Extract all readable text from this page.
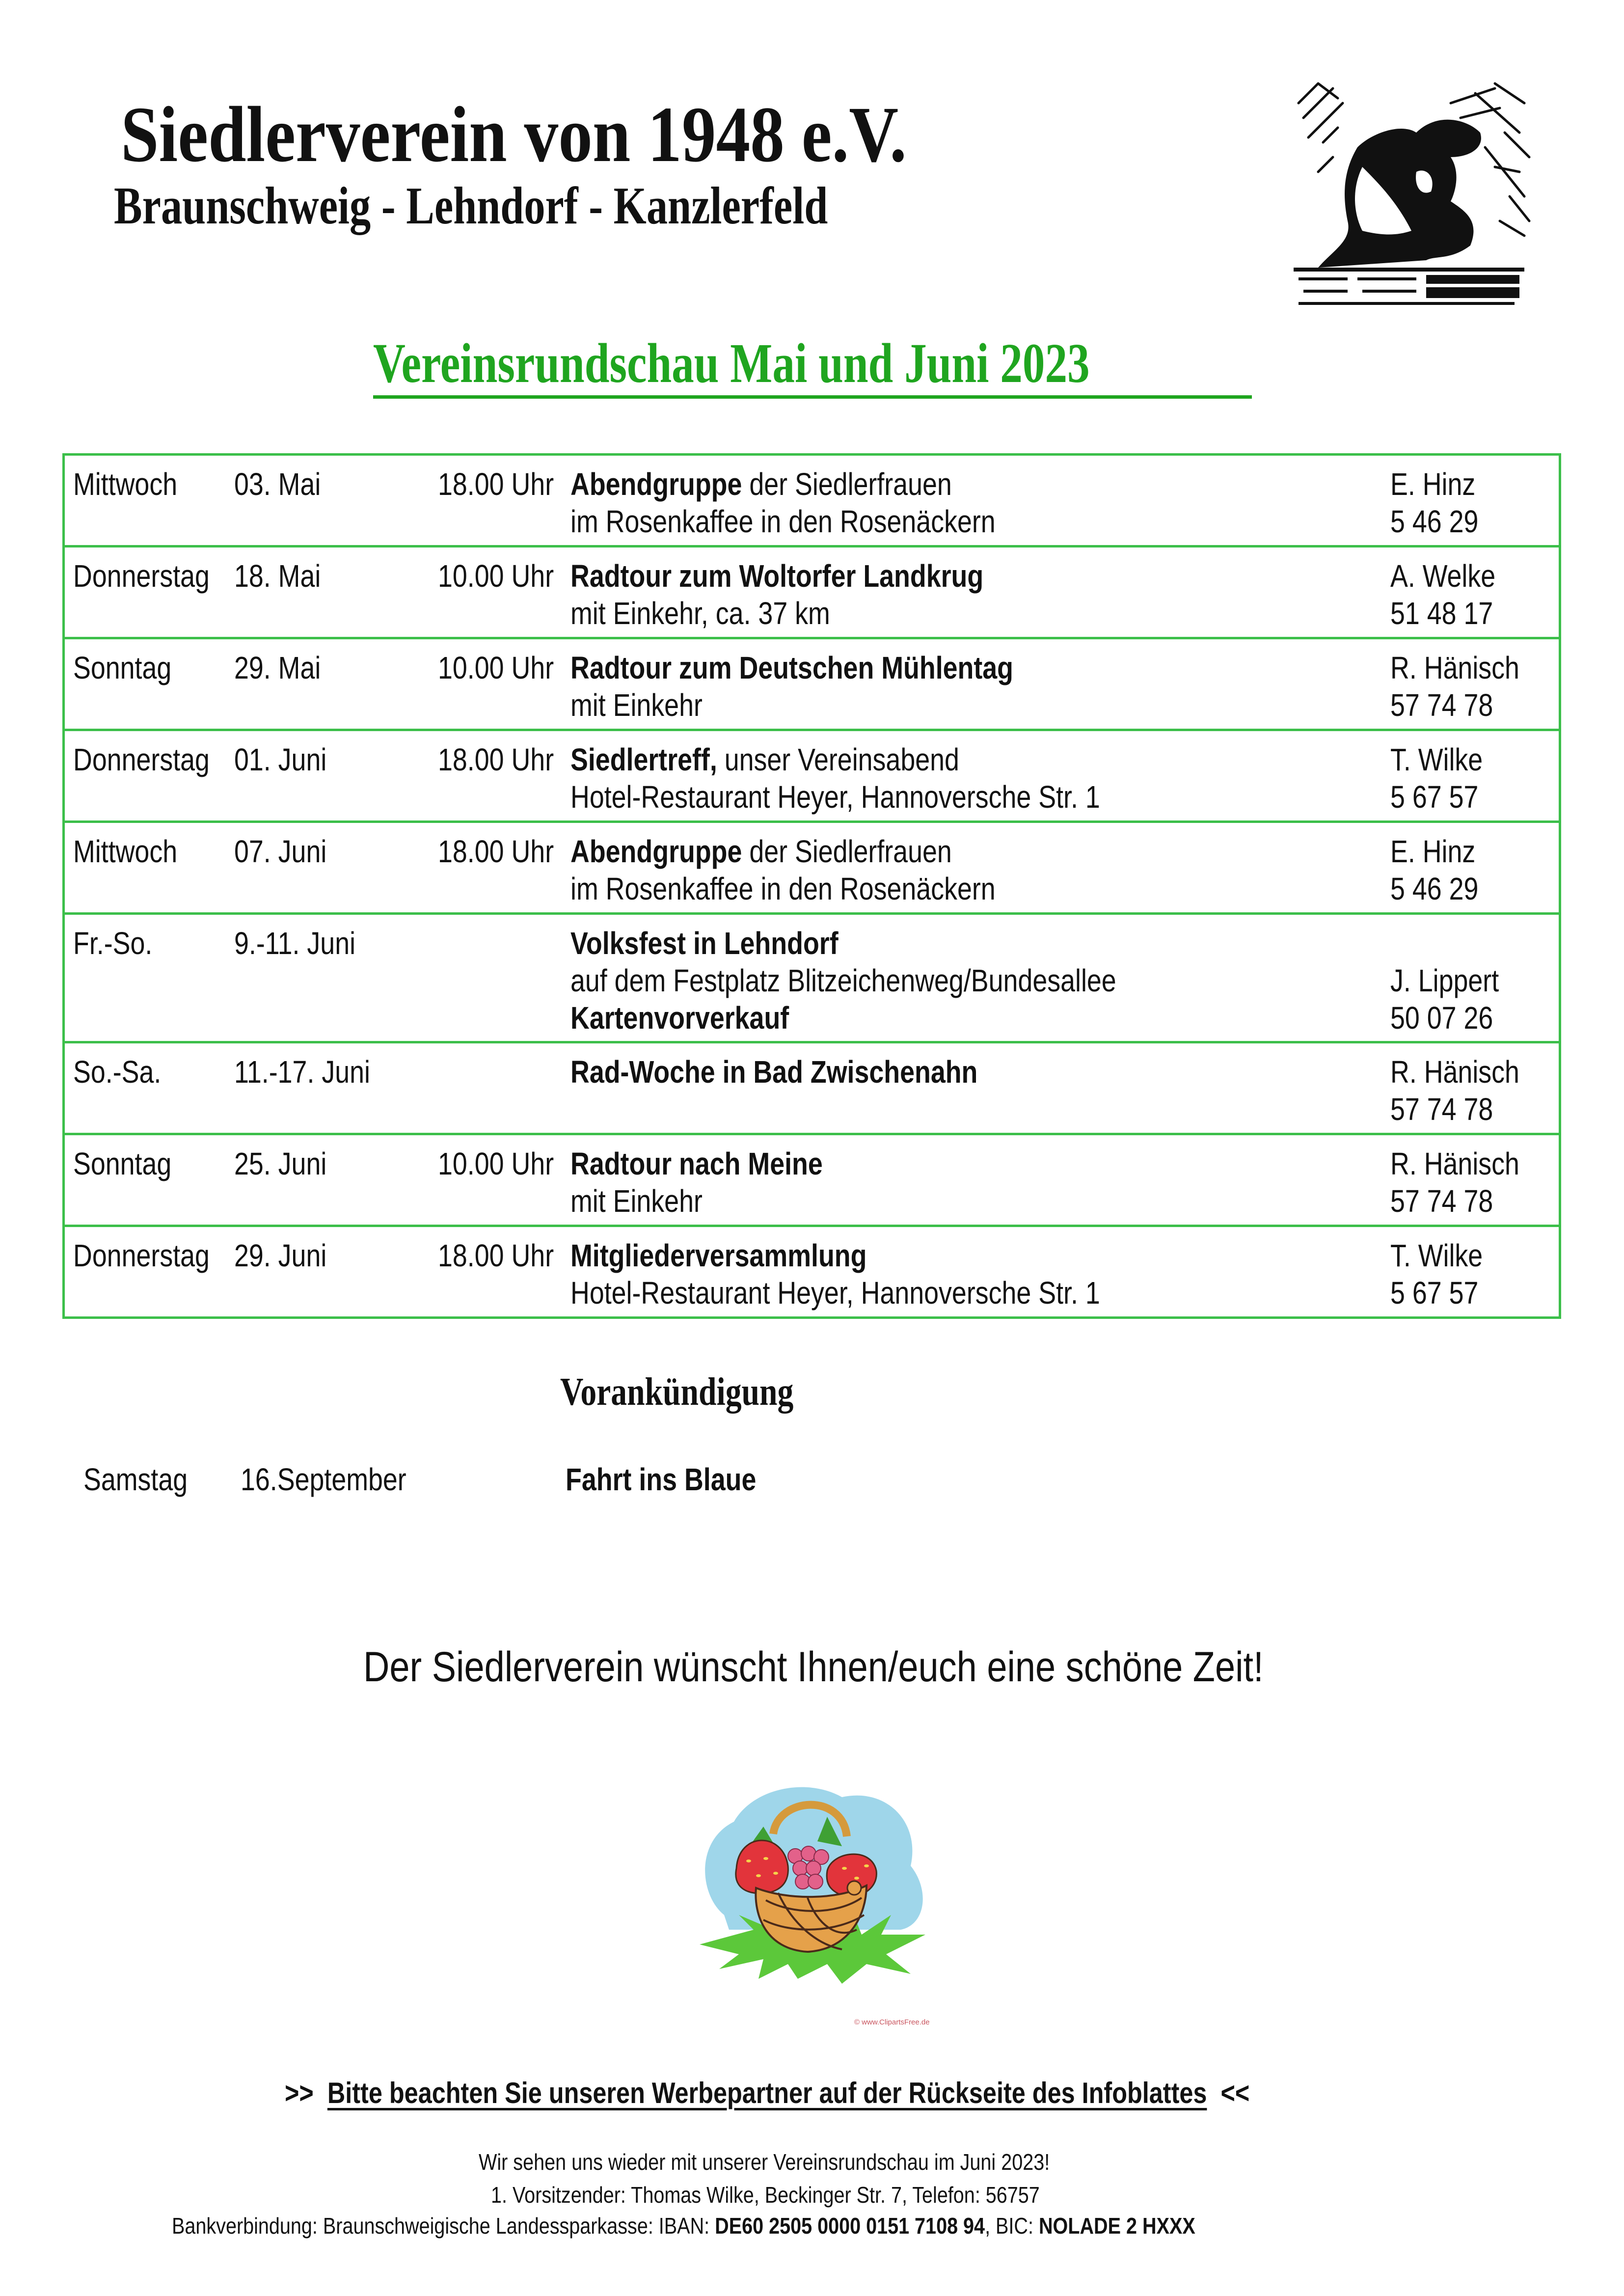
Siedlerverein von 1948 e.V.
Braunschweig - Lehndorf - Kanzlerfeld
Vereinsrundschau Mai und Juni 2023
Mittwoch	03. Mai	18.00 Uhr Abendgruppe der Siedlerfrauen
im Rosenkaffee in den Rosenäckern
E. Hinz
5 46 29
Donnerstag 18. Mai	10.00 Uhr Radtour zum Woltorfer Landkrug
mit Einkehr, ca. 37 km
A. Welke
51 48 17
Sonntag	29. Mai	10.00 Uhr Radtour zum Deutschen Mühlentag
mit Einkehr
R. Hänisch
57 74 78
Donnerstag 01. Juni	18.00 Uhr Siedlertreff, unser Vereinsabend
Hotel-Restaurant Heyer, Hannoversche Str. 1
T. Wilke
5 67 57
Mittwoch	07. Juni	18.00 Uhr Abendgruppe der Siedlerfrauen
im Rosenkaffee in den Rosenäckern
E. Hinz
5 46 29
Fr.-So.	9.-11. Juni	Volksfest in Lehndorf
auf dem Festplatz Blitzeichenweg/Bundesallee
Kartenvorverkauf
J. Lippert
50 07 26
So.-Sa.	11.-17. Juni	Rad-Woche in Bad Zwischenahn	R. Hänisch
57 74 78
Sonntag	25. Juni	10.00 Uhr Radtour nach Meine
mit Einkehr
R. Hänisch
57 74 78
Donnerstag 29. Juni	18.00 Uhr Mitgliederversammlung
Hotel-Restaurant Heyer, Hannoversche Str. 1
T. Wilke
5 67 57
Vorankündigung
Samstag	16.September	Fahrt ins Blaue
Der Siedlerverein wünscht Ihnen/euch eine schöne Zeit!
© www.ClipartsFree.de
>> Bitte beachten Sie unseren Werbepartner auf der Rückseite des Infoblattes <<
Wir sehen uns wieder mit unserer Vereinsrundschau im Juni 2023!
1. Vorsitzender: Thomas Wilke, Beckinger Str. 7, Telefon: 56757
Bankverbindung: Braunschweigische Landessparkasse: IBAN: DE60 2505 0000 0151 7108 94, BIC: NOLADE 2 HXXX
